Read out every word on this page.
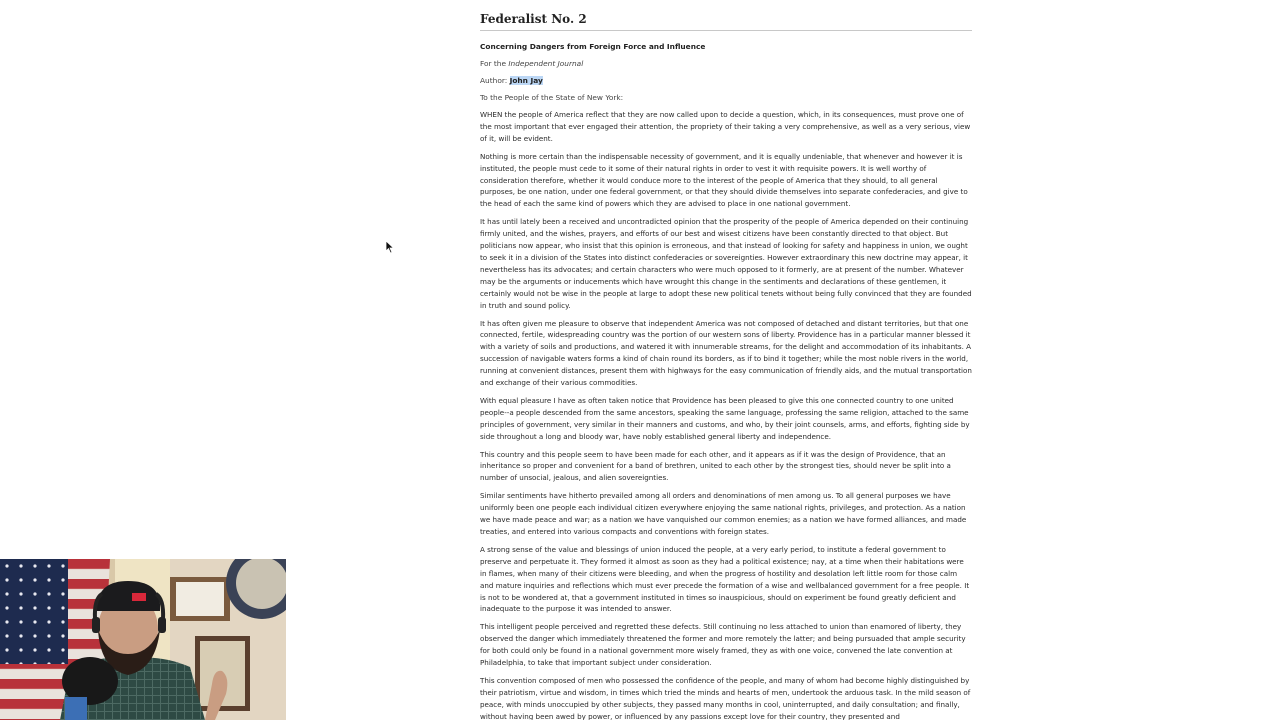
Federalist No. 2
Concerning Dangers from Foreign Force and Influence
For the Independent Journal
Author: John Jay
To the People of the State of New York:

WHEN the people of America reflect that they are now called upon to decide a question, which, in its consequences, must prove one of the most important that ever engaged their attention, the propriety of their taking a very comprehensive, as well as a very serious, view of it, will be evident.

Nothing is more certain than the indispensable necessity of government, and it is equally undeniable, that whenever and however it is instituted, the people must cede to it some of their natural rights in order to vest it with requisite powers. It is well worthy of consideration therefore, whether it would conduce more to the interest of the people of America that they should, to all general purposes, be one nation, under one federal government, or that they should divide themselves into separate confederacies, and give to the head of each the same kind of powers which they are advised to place in one national government.

It has until lately been a received and uncontradicted opinion that the prosperity of the people of America depended on their continuing firmly united, and the wishes, prayers, and efforts of our best and wisest citizens have been constantly directed to that object. But politicians now appear, who insist that this opinion is erroneous, and that instead of looking for safety and happiness in union, we ought to seek it in a division of the States into distinct confederacies or sovereignties. However extraordinary this new doctrine may appear, it nevertheless has its advocates; and certain characters who were much opposed to it formerly, are at present of the number. Whatever may be the arguments or inducements which have wrought this change in the sentiments and declarations of these gentlemen, it certainly would not be wise in the people at large to adopt these new political tenets without being fully convinced that they are founded in truth and sound policy.

It has often given me pleasure to observe that independent America was not composed of detached and distant territories, but that one connected, fertile, widespreading country was the portion of our western sons of liberty. Providence has in a particular manner blessed it with a variety of soils and productions, and watered it with innumerable streams, for the delight and accommodation of its inhabitants. A succession of navigable waters forms a kind of chain round its borders, as if to bind it together; while the most noble rivers in the world, running at convenient distances, present them with highways for the easy communication of friendly aids, and the mutual transportation and exchange of their various commodities.

With equal pleasure I have as often taken notice that Providence has been pleased to give this one connected country to one united people--a people descended from the same ancestors, speaking the same language, professing the same religion, attached to the same principles of government, very similar in their manners and customs, and who, by their joint counsels, arms, and efforts, fighting side by side throughout a long and bloody war, have nobly established general liberty and independence.

This country and this people seem to have been made for each other, and it appears as if it was the design of Providence, that an inheritance so proper and convenient for a band of brethren, united to each other by the strongest ties, should never be split into a number of unsocial, jealous, and alien sovereignties.

Similar sentiments have hitherto prevailed among all orders and denominations of men among us. To all general purposes we have uniformly been one people each individual citizen everywhere enjoying the same national rights, privileges, and protection. As a nation we have made peace and war; as a nation we have vanquished our common enemies; as a nation we have formed alliances, and made treaties, and entered into various compacts and conventions with foreign states.

A strong sense of the value and blessings of union induced the people, at a very early period, to institute a federal government to preserve and perpetuate it. They formed it almost as soon as they had a political existence; nay, at a time when their habitations were in flames, when many of their citizens were bleeding, and when the progress of hostility and desolation left little room for those calm and mature inquiries and reflections which must ever precede the formation of a wise and wellbalanced government for a free people. It is not to be wondered at, that a government instituted in times so inauspicious, should on experiment be found greatly deficient and inadequate to the purpose it was intended to answer.

This intelligent people perceived and regretted these defects. Still continuing no less attached to union than enamored of liberty, they observed the danger which immediately threatened the former and more remotely the latter; and being pursuaded that ample security for both could only be found in a national government more wisely framed, they as with one voice, convened the late convention at Philadelphia, to take that important subject under consideration.

This convention composed of men who possessed the confidence of the people, and many of whom had become highly distinguished by their patriotism, virtue and wisdom, in times which tried the minds and hearts of men, undertook the arduous task. In the mild season of peace, with minds unoccupied by other subjects, they passed many months in cool, uninterrupted, and daily consultation; and finally, without having been awed by power, or influenced by any passions except love for their country, they presented and
